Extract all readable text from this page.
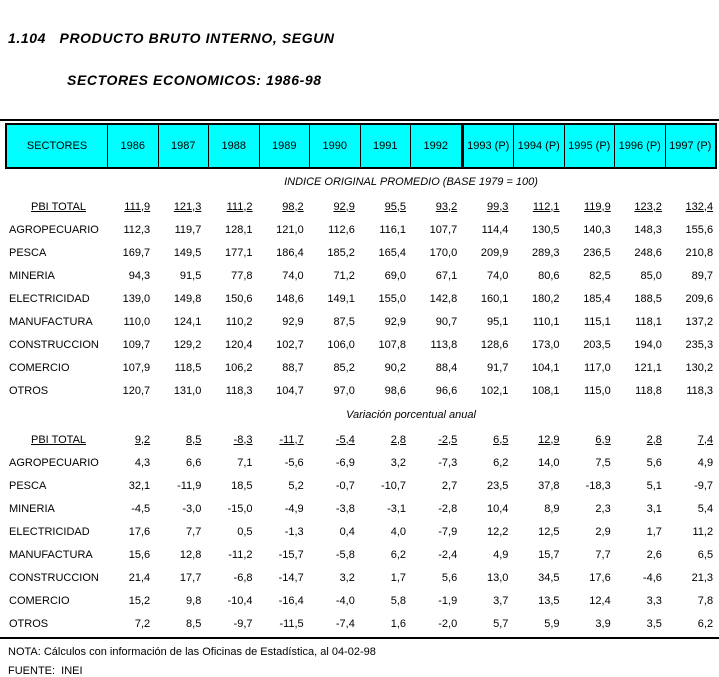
1.104   PRODUCTO BRUTO INTERNO, SEGUN

SECTORES ECONOMICOS: 1986-98

SECTORES	1986	1987	1988	1989	1990	1991	1992	1993 (P) 1994 (P) 1995 (P) 1996 (P) 1997 (P)
INDICE ORIGINAL PROMEDIO (BASE 1979 = 100)
PBI TOTAL	111,9	121,3	111,2	98,2	92,9	95,5	93,2	99,3	112,1	119,9	123,2	132,4
AGROPECUARIO	112,3	119,7	128,1	121,0	112,6	116,1	107,7	114,4	130,5	140,3	148,3	155,6
PESCA	169,7	149,5	177,1	186,4	185,2	165,4	170,0	209,9	289,3	236,5	248,6	210,8
MINERIA	94,3	91,5	77,8	74,0	71,2	69,0	67,1	74,0	80,6	82,5	85,0	89,7
ELECTRICIDAD	139,0	149,8	150,6	148,6	149,1	155,0	142,8	160,1	180,2	185,4	188,5	209,6
MANUFACTURA	110,0	124,1	110,2	92,9	87,5	92,9	90,7	95,1	110,1	115,1	118,1	137,2
CONSTRUCCION	109,7	129,2	120,4	102,7	106,0	107,8	113,8	128,6	173,0	203,5	194,0	235,3
COMERCIO	107,9	118,5	106,2	88,7	85,2	90,2	88,4	91,7	104,1	117,0	121,1	130,2
OTROS	120,7	131,0	118,3	104,7	97,0	98,6	96,6	102,1	108,1	115,0	118,8	118,3
Variación porcentual anual
PBI TOTAL	9,2	8,5	-8,3	-11,7	-5,4	2,8	-2,5	6,5	12,9	6,9	2,8	7,4
AGROPECUARIO	4,3	6,6	7,1	-5,6	-6,9	3,2	-7,3	6,2	14,0	7,5	5,6	4,9
PESCA	32,1	-11,9	18,5	5,2	-0,7	-10,7	2,7	23,5	37,8	-18,3	5,1	-9,7
MINERIA	-4,5	-3,0	-15,0	-4,9	-3,8	-3,1	-2,8	10,4	8,9	2,3	3,1	5,4
ELECTRICIDAD	17,6	7,7	0,5	-1,3	0,4	4,0	-7,9	12,2	12,5	2,9	1,7	11,2
MANUFACTURA	15,6	12,8	-11,2	-15,7	-5,8	6,2	-2,4	4,9	15,7	7,7	2,6	6,5
CONSTRUCCION	21,4	17,7	-6,8	-14,7	3,2	1,7	5,6	13,0	34,5	17,6	-4,6	21,3
COMERCIO	15,2	9,8	-10,4	-16,4	-4,0	5,8	-1,9	3,7	13,5	12,4	3,3	7,8
OTROS	7,2	8,5	-9,7	-11,5	-7,4	1,6	-2,0	5,7	5,9	3,9	3,5	6,2
NOTA: Cálculos con información de las Oficinas de Estadística, al 04-02-98
FUENTE:  INEI
